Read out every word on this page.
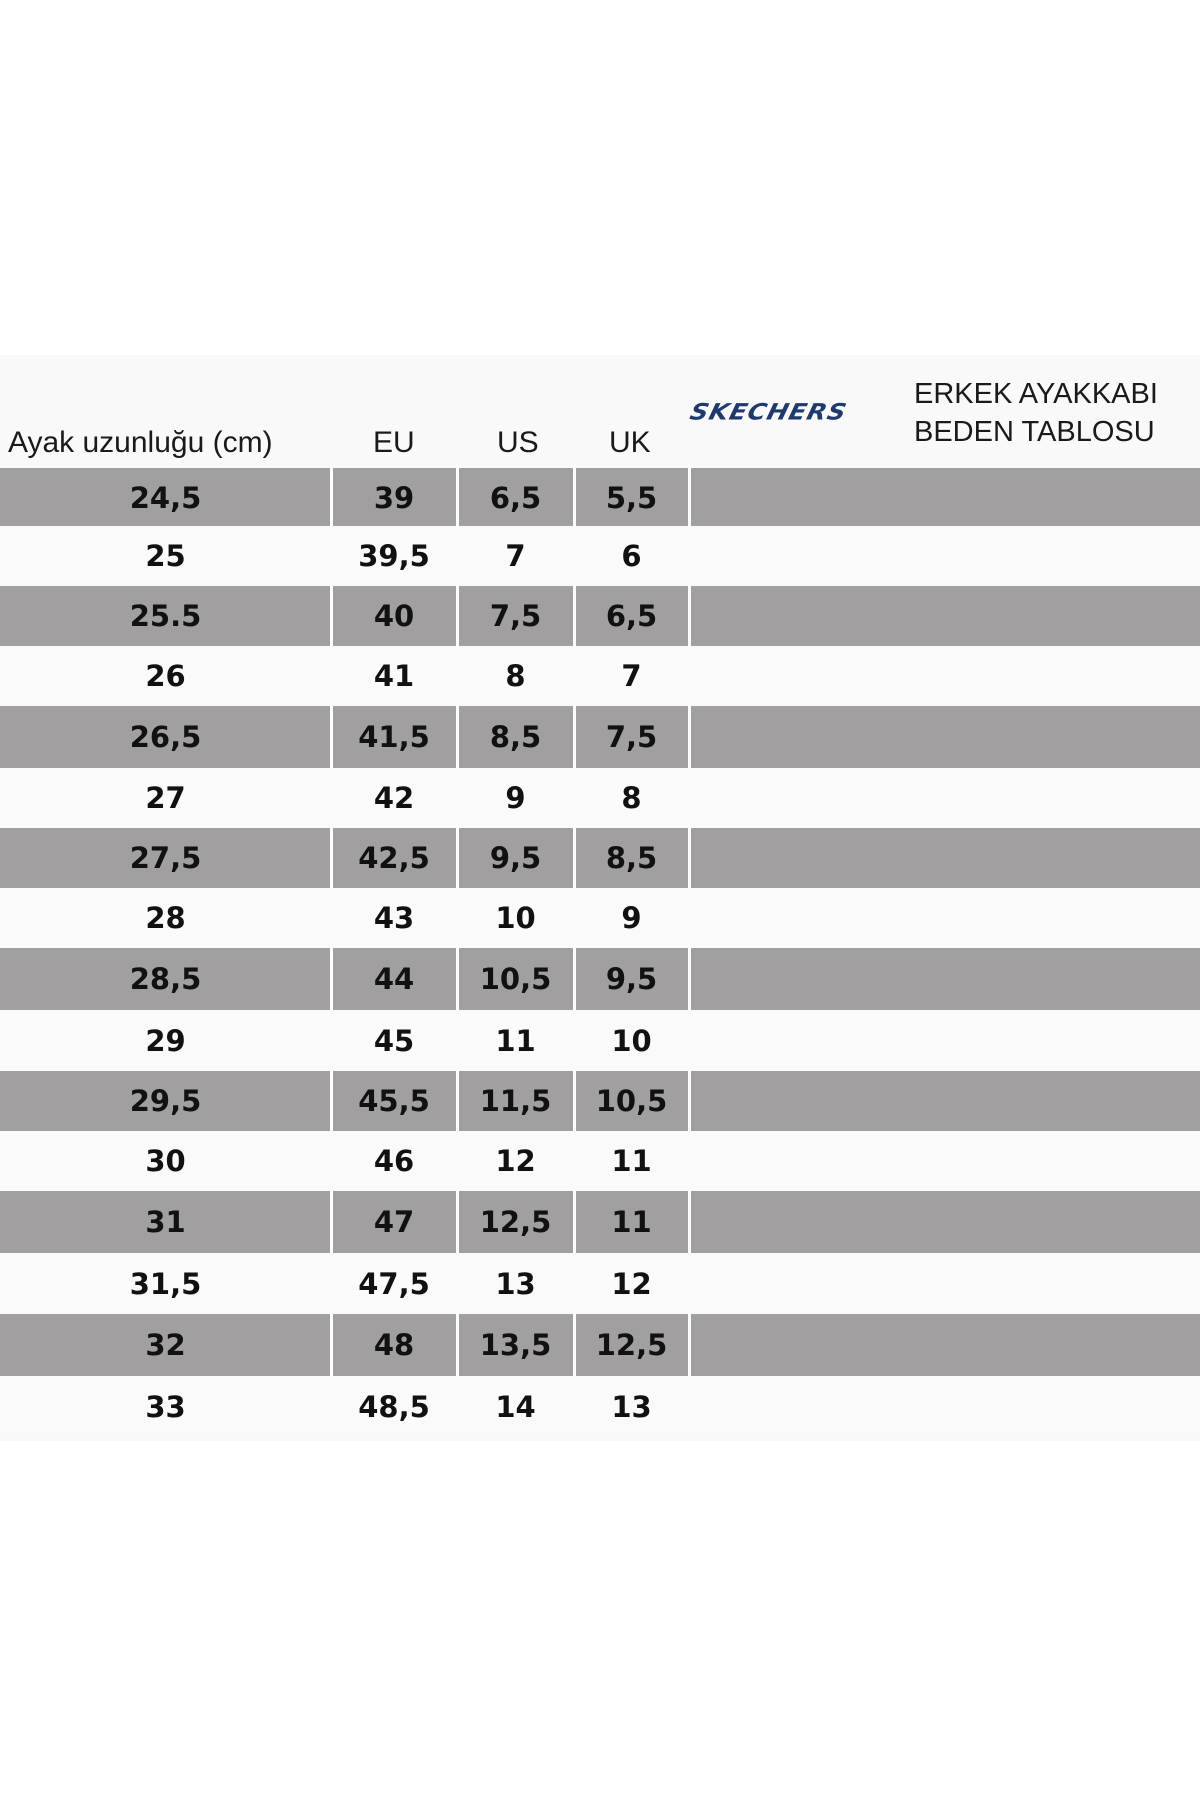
Ayak uzunluğu (cm)	EU	US UK
SKECHERS
ERKEK AYAKKABI
BEDEN TABLOSU
24,5	39	6,5	5,5
25	39,5	7	6
25.5	40	7,5	6,5
26	41	8	7
26,5	41,5	8,5	7,5
27	42	9	8
27,5	42,5	9,5	8,5
28	43	10	9
28,5	44	10,5	9,5
29	45	11	10
29,5	45,5	11,5	10,5
30	46	12	11
31	47	12,5	11
31,5	47,5	13	12
32	48	13,5	12,5
33	48,5	14	13
